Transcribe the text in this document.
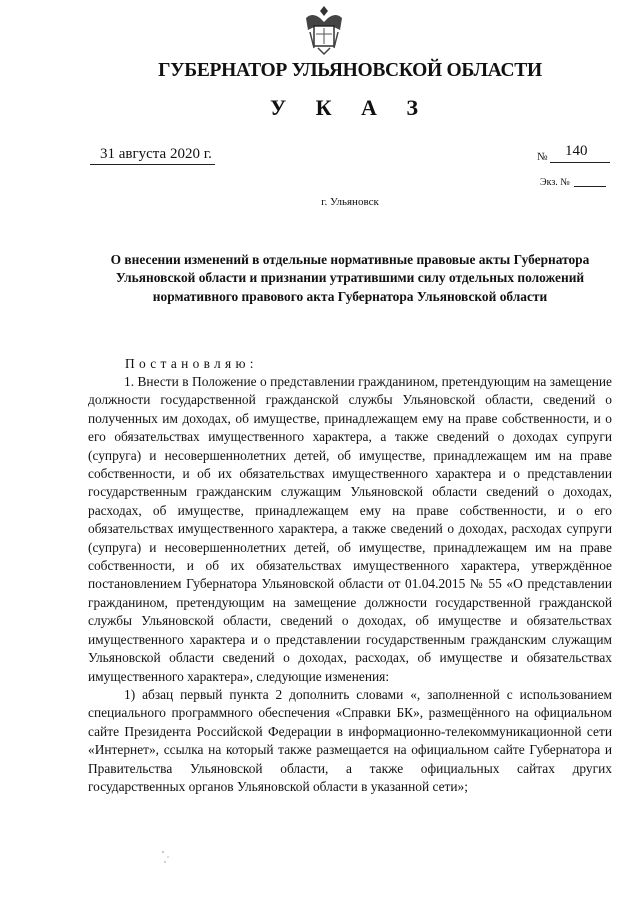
ГУБЕРНАТОР УЛЬЯНОВСКОЙ ОБЛАСТИ
У К А З
31 августа 2020 г.	№ 140
Экз. №
г. Ульяновск
О внесении изменений в отдельные нормативные правовые акты Губернатора Ульяновской области и признании утратившими силу отдельных положений нормативного правового акта Губернатора Ульяновской области
Постановляю:

1. Внести в Положение о представлении гражданином, претендующим на замещение должности государственной гражданской службы Ульяновской области, сведений о полученных им доходах, об имуществе, принадлежащем ему на праве собственности, и о его обязательствах имущественного характера, а также сведений о доходах супруги (супруга) и несовершеннолетних детей, об имуществе, принадлежащем им на праве собственности, и об их обязательствах имущественного характера и о представлении государственным гражданским служащим Ульяновской области сведений о доходах, расходах, об имуществе, принадлежащем ему на праве собственности, и о его обязательствах имущественного характера, а также сведений о доходах, расходах супруги (супруга) и несовершеннолетних детей, об имуществе, принадлежащем им на праве собственности, и об их обязательствах имущественного характера, утверждённое постановлением Губернатора Ульяновской области от 01.04.2015 № 55 «О представлении гражданином, претендующим на замещение должности государственной гражданской службы Ульяновской области, сведений о доходах, об имуществе и обязательствах имущественного характера и о представлении государственным гражданским служащим Ульяновской области сведений о доходах, расходах, об имуществе и обязательствах имущественного характера», следующие изменения:

1) абзац первый пункта 2 дополнить словами «, заполненной с использованием специального программного обеспечения «Справки БК», размещённого на официальном сайте Президента Российской Федерации в информационно-телекоммуникационной сети «Интернет», ссылка на который также размещается на официальном сайте Губернатора и Правительства Ульяновской области, а также официальных сайтах других государственных органов Ульяновской области в указанной сети»;
